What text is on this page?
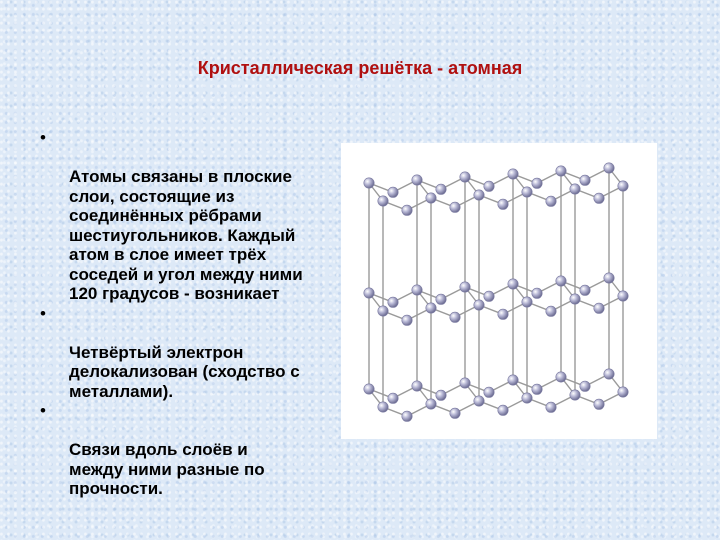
Кристаллическая решётка - атомная

•

Атомы связаны в плоские
слои, состоящие из
соединённых рёбрами
шестиугольников. Каждый
атом в слое имеет трёх
соседей и угол между ними
120 градусов - возникает

•

Четвёртый электрон
делокализован (сходство с
металлами).

•

Связи вдоль слоёв и
между ними разные по
прочности.
